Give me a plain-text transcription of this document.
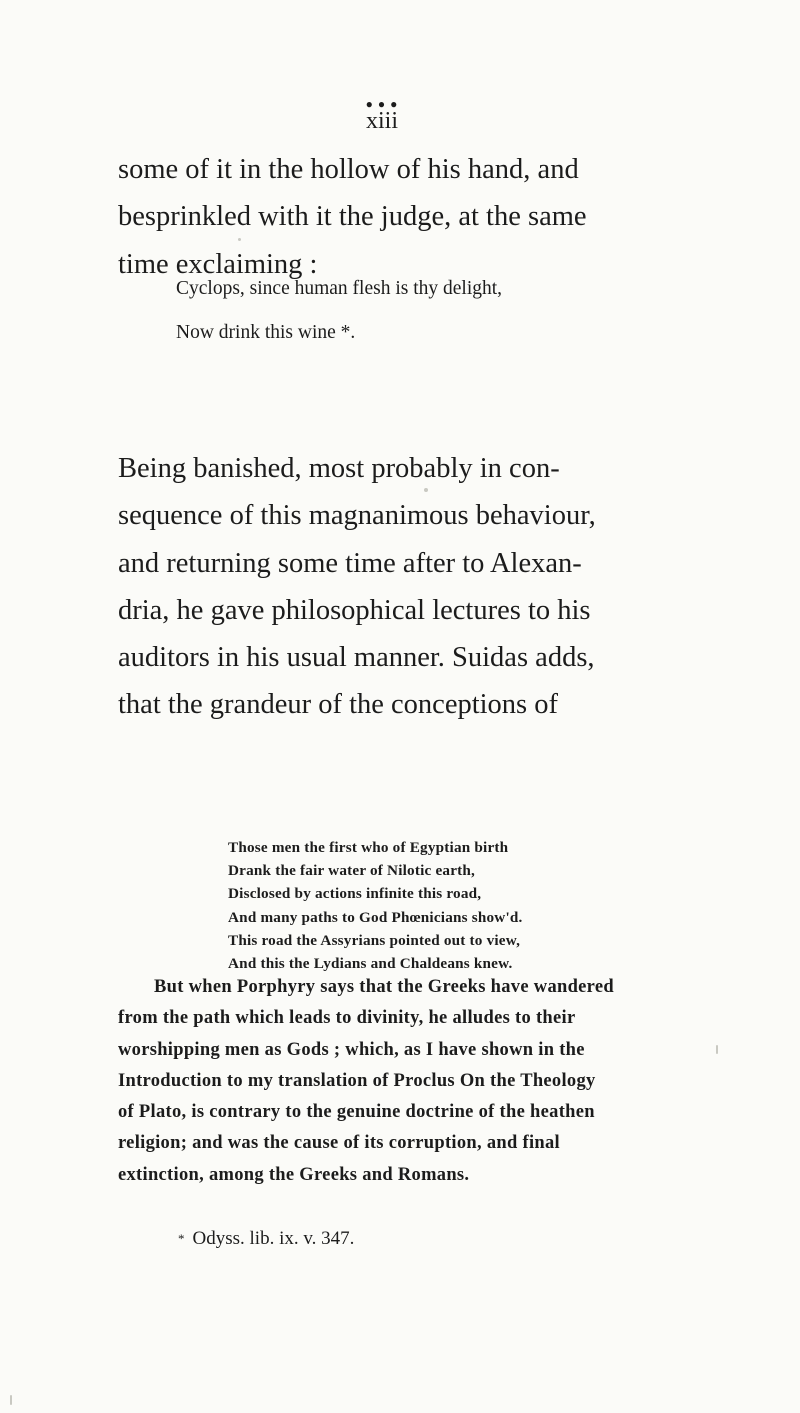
● ● ●
xiii

some of it in the hollow of his hand, and
besprinkled with it the judge, at the same
time exclaiming :

Cyclops, since human flesh is thy delight,
Now drink this wine *.

Being banished, most probably in con-
sequence of this magnanimous behaviour,
and returning some time after to Alexan-
dria, he gave philosophical lectures to his
auditors in his usual manner. Suidas adds,
that the grandeur of the conceptions of

Those men the first who of Egyptian birth
Drank the fair water of Nilotic earth,
Disclosed by actions infinite this road,
And many paths to God Phœnicians show'd.
This road the Assyrians pointed out to view,
And this the Lydians and Chaldeans knew.

But when Porphyry says that the Greeks have wandered
from the path which leads to divinity, he alludes to their
worshipping men as Gods ; which, as I have shown in the
Introduction to my translation of Proclus On the Theology
of Plato, is contrary to the genuine doctrine of the heathen
religion; and was the cause of its corruption, and final
extinction, among the Greeks and Romans.

* Odyss. lib. ix. v. 347.
